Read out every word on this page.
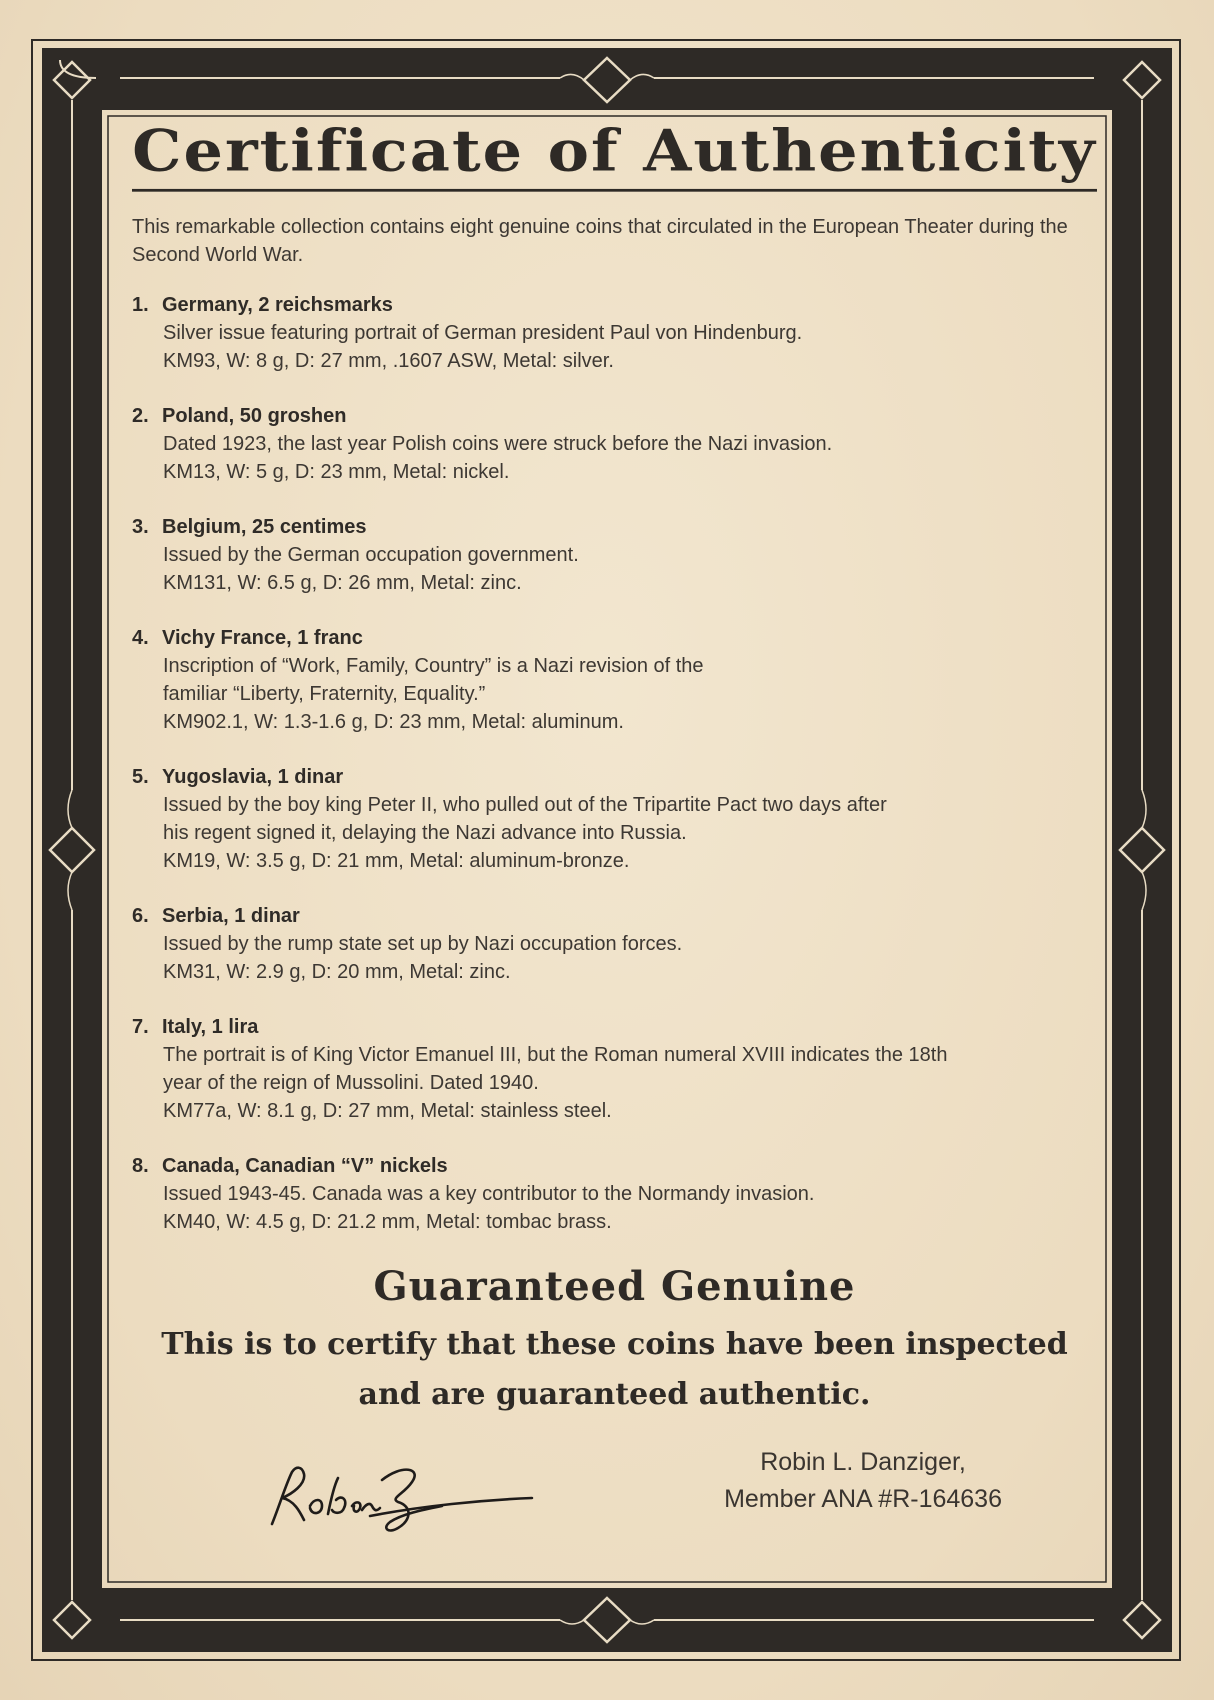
Certificate of Authenticity
This remarkable collection contains eight genuine coins that circulated in the European Theater during the Second World War.
1. Germany, 2 reichsmarks
Silver issue featuring portrait of German president Paul von Hindenburg.
KM93, W: 8 g, D: 27 mm, .1607 ASW, Metal: silver.
2. Poland, 50 groshen
Dated 1923, the last year Polish coins were struck before the Nazi invasion.
KM13, W: 5 g, D: 23 mm, Metal: nickel.
3. Belgium, 25 centimes
Issued by the German occupation government.
KM131, W: 6.5 g, D: 26 mm, Metal: zinc.
4. Vichy France, 1 franc
Inscription of “Work, Family, Country” is a Nazi revision of the
familiar “Liberty, Fraternity, Equality.”
KM902.1, W: 1.3-1.6 g, D: 23 mm, Metal: aluminum.
5. Yugoslavia, 1 dinar
Issued by the boy king Peter II, who pulled out of the Tripartite Pact two days after
his regent signed it, delaying the Nazi advance into Russia.
KM19, W: 3.5 g, D: 21 mm, Metal: aluminum-bronze.
6. Serbia, 1 dinar
Issued by the rump state set up by Nazi occupation forces.
KM31, W: 2.9 g, D: 20 mm, Metal: zinc.
7. Italy, 1 lira
The portrait is of King Victor Emanuel III, but the Roman numeral XVIII indicates the 18th
year of the reign of Mussolini. Dated 1940.
KM77a, W: 8.1 g, D: 27 mm, Metal: stainless steel.
8. Canada, Canadian “V” nickels
Issued 1943-45. Canada was a key contributor to the Normandy invasion.
KM40, W: 4.5 g, D: 21.2 mm, Metal: tombac brass.
Guaranteed Genuine
This is to certify that these coins have been inspected and are guaranteed authentic.
Robin L. Danziger,
Member ANA #R-164636
